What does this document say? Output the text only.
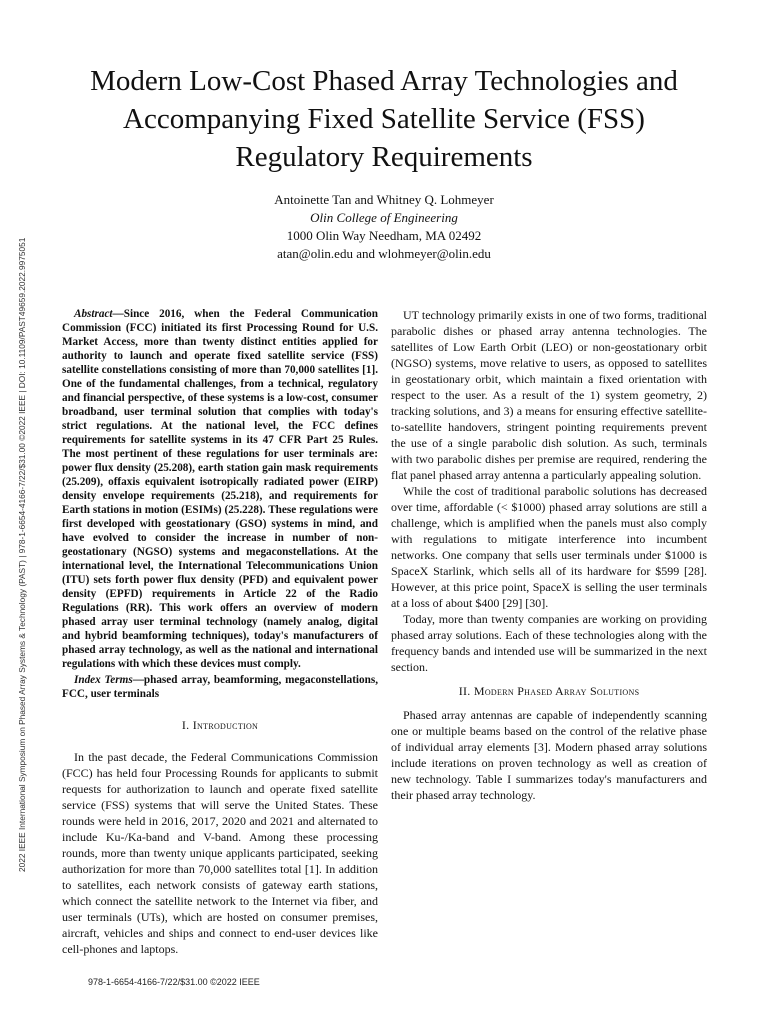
Modern Low-Cost Phased Array Technologies and
Accompanying Fixed Satellite Service (FSS)
Regulatory Requirements
Antoinette Tan and Whitney Q. Lohmeyer
Olin College of Engineering
1000 Olin Way Needham, MA 02492
atan@olin.edu and wlohmeyer@olin.edu
2022 IEEE International Symposium on Phased Array Systems & Technology (PAST) | 978-1-6654-4166-7/22/$31.00 ©2022 IEEE | DOI: 10.1109/PAST49659.2022.9975051	Abstract—Since 2016, when the Federal Communication Commission (FCC) initiated its first Processing Round for U.S. Market Access, more than twenty distinct entities applied for authority to launch and operate fixed satellite service (FSS) satellite constellations consisting of more than 70,000 satellites [1]. One of the fundamental challenges, from a technical, regulatory and financial perspective, of these systems is a low-cost, consumer broadband, user terminal solution that complies with today's strict regulations. At the national level, the FCC defines requirements for satellite systems in its 47 CFR Part 25 Rules. The most pertinent of these regulations for user terminals are: power flux density (25.208), earth station gain mask requirements (25.209), offaxis equivalent isotropically radiated power (EIRP) density envelope requirements (25.218), and requirements for Earth stations in motion (ESIMs) (25.228). These regulations were first developed with geostationary (GSO) systems in mind, and have evolved to consider the increase in number of non-geostationary (NGSO) systems and megaconstellations. At the international level, the International Telecommunications Union (ITU) sets forth power flux density (PFD) and equivalent power density (EPFD) requirements in Article 22 of the Radio Regulations (RR). This work offers an overview of modern phased array user terminal technology (namely analog, digital and hybrid beamforming techniques), today's manufacturers of phased array technology, as well as the national and international regulations with which these devices must comply.

Index Terms—phased array, beamforming, megaconstellations, FCC, user terminals

I. Introduction

In the past decade, the Federal Communications Commission (FCC) has held four Processing Rounds for applicants to submit requests for authorization to launch and operate fixed satellite service (FSS) systems that will serve the United States. These rounds were held in 2016, 2017, 2020 and 2021 and alternated to include Ku-/Ka-band and V-band. Among these processing rounds, more than twenty unique applicants participated, seeking authorization for more than 70,000 satellites total [1]. In addition to satellites, each network consists of gateway earth stations, which connect the satellite network to the Internet via fiber, and user terminals (UTs), which are hosted on consumer premises, aircraft, vehicles and ships and connect to end-user devices like cell-phones and laptops.

UT technology primarily exists in one of two forms, traditional parabolic dishes or phased array antenna technologies. The satellites of Low Earth Orbit (LEO) or non-geostationary orbit (NGSO) systems, move relative to users, as opposed to satellites in geostationary orbit, which maintain a fixed orientation with respect to the user. As a result of the 1) system geometry, 2) tracking solutions, and 3) a means for ensuring effective satellite-to-satellite handovers, stringent pointing requirements prevent the use of a single parabolic dish solution. As such, terminals with two parabolic dishes per premise are required, rendering the flat panel phased array antenna a particularly appealing solution.

While the cost of traditional parabolic solutions has decreased over time, affordable (< $1000) phased array solutions are still a challenge, which is amplified when the panels must also comply with regulations to mitigate interference into incumbent networks. One company that sells user terminals under $1000 is SpaceX Starlink, which sells all of its hardware for $599 [28]. However, at this price point, SpaceX is selling the user terminals at a loss of about $400 [29] [30].

Today, more than twenty companies are working on providing phased array solutions. Each of these technologies along with the frequency bands and intended use will be summarized in the next section.

II. Modern Phased Array Solutions

Phased array antennas are capable of independently scanning one or multiple beams based on the control of the relative phase of individual array elements [3]. Modern phased array solutions include iterations on proven technology as well as creation of new technology. Table I summarizes today's manufacturers and their phased array technology.

978-1-6654-4166-7/22/$31.00 ©2022 IEEE
